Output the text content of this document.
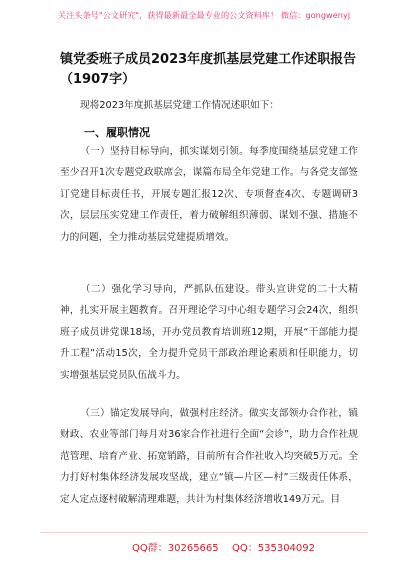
关注头条号"公文研究"，获得最新最全最专业的公文资料库！ 微信：gongwenyj
镇党委班子成员2023年度抓基层党建工作述职报告（1907字）
现将2023年度抓基层党建工作情况述职如下：
一、履职情况
（一）坚持目标导向，抓实谋划引领。每季度围绕基层党建工作至少召开1次专题党政联席会，谋篇布局全年党建工作。与各党支部签订党建目标责任书，开展专题汇报12次、专项督查4次、专题调研3次，层层压实党建工作责任，着力破解组织薄弱、谋划不强、措施不力的问题，全力推动基层党建提质增效。
（二）强化学习导向，严抓队伍建设。带头宣讲党的二十大精神，扎实开展主题教育。召开理论学习中心组专题学习会24次，组织班子成员讲党课18场，开办党员教育培训班12期，开展“干部能力提升工程”活动15次，全力提升党员干部政治理论素质和任职能力，切实增强基层党员队伍战斗力。
（三）锚定发展导向，做强村庄经济。做实支部领办合作社，镇财政、农业等部门每月对36家合作社进行全面“会诊”，助力合作社规范管理、培育产业、拓宽销路，目前所有合作社收入均突破5万元。全力打好村集体经济发展攻坚战，建立“镇—片区—村”三级责任体系，定人定点逐村破解清理难题，共计为村集体经济增收149万元。目
QQ群：30265665 QQ：535304092
